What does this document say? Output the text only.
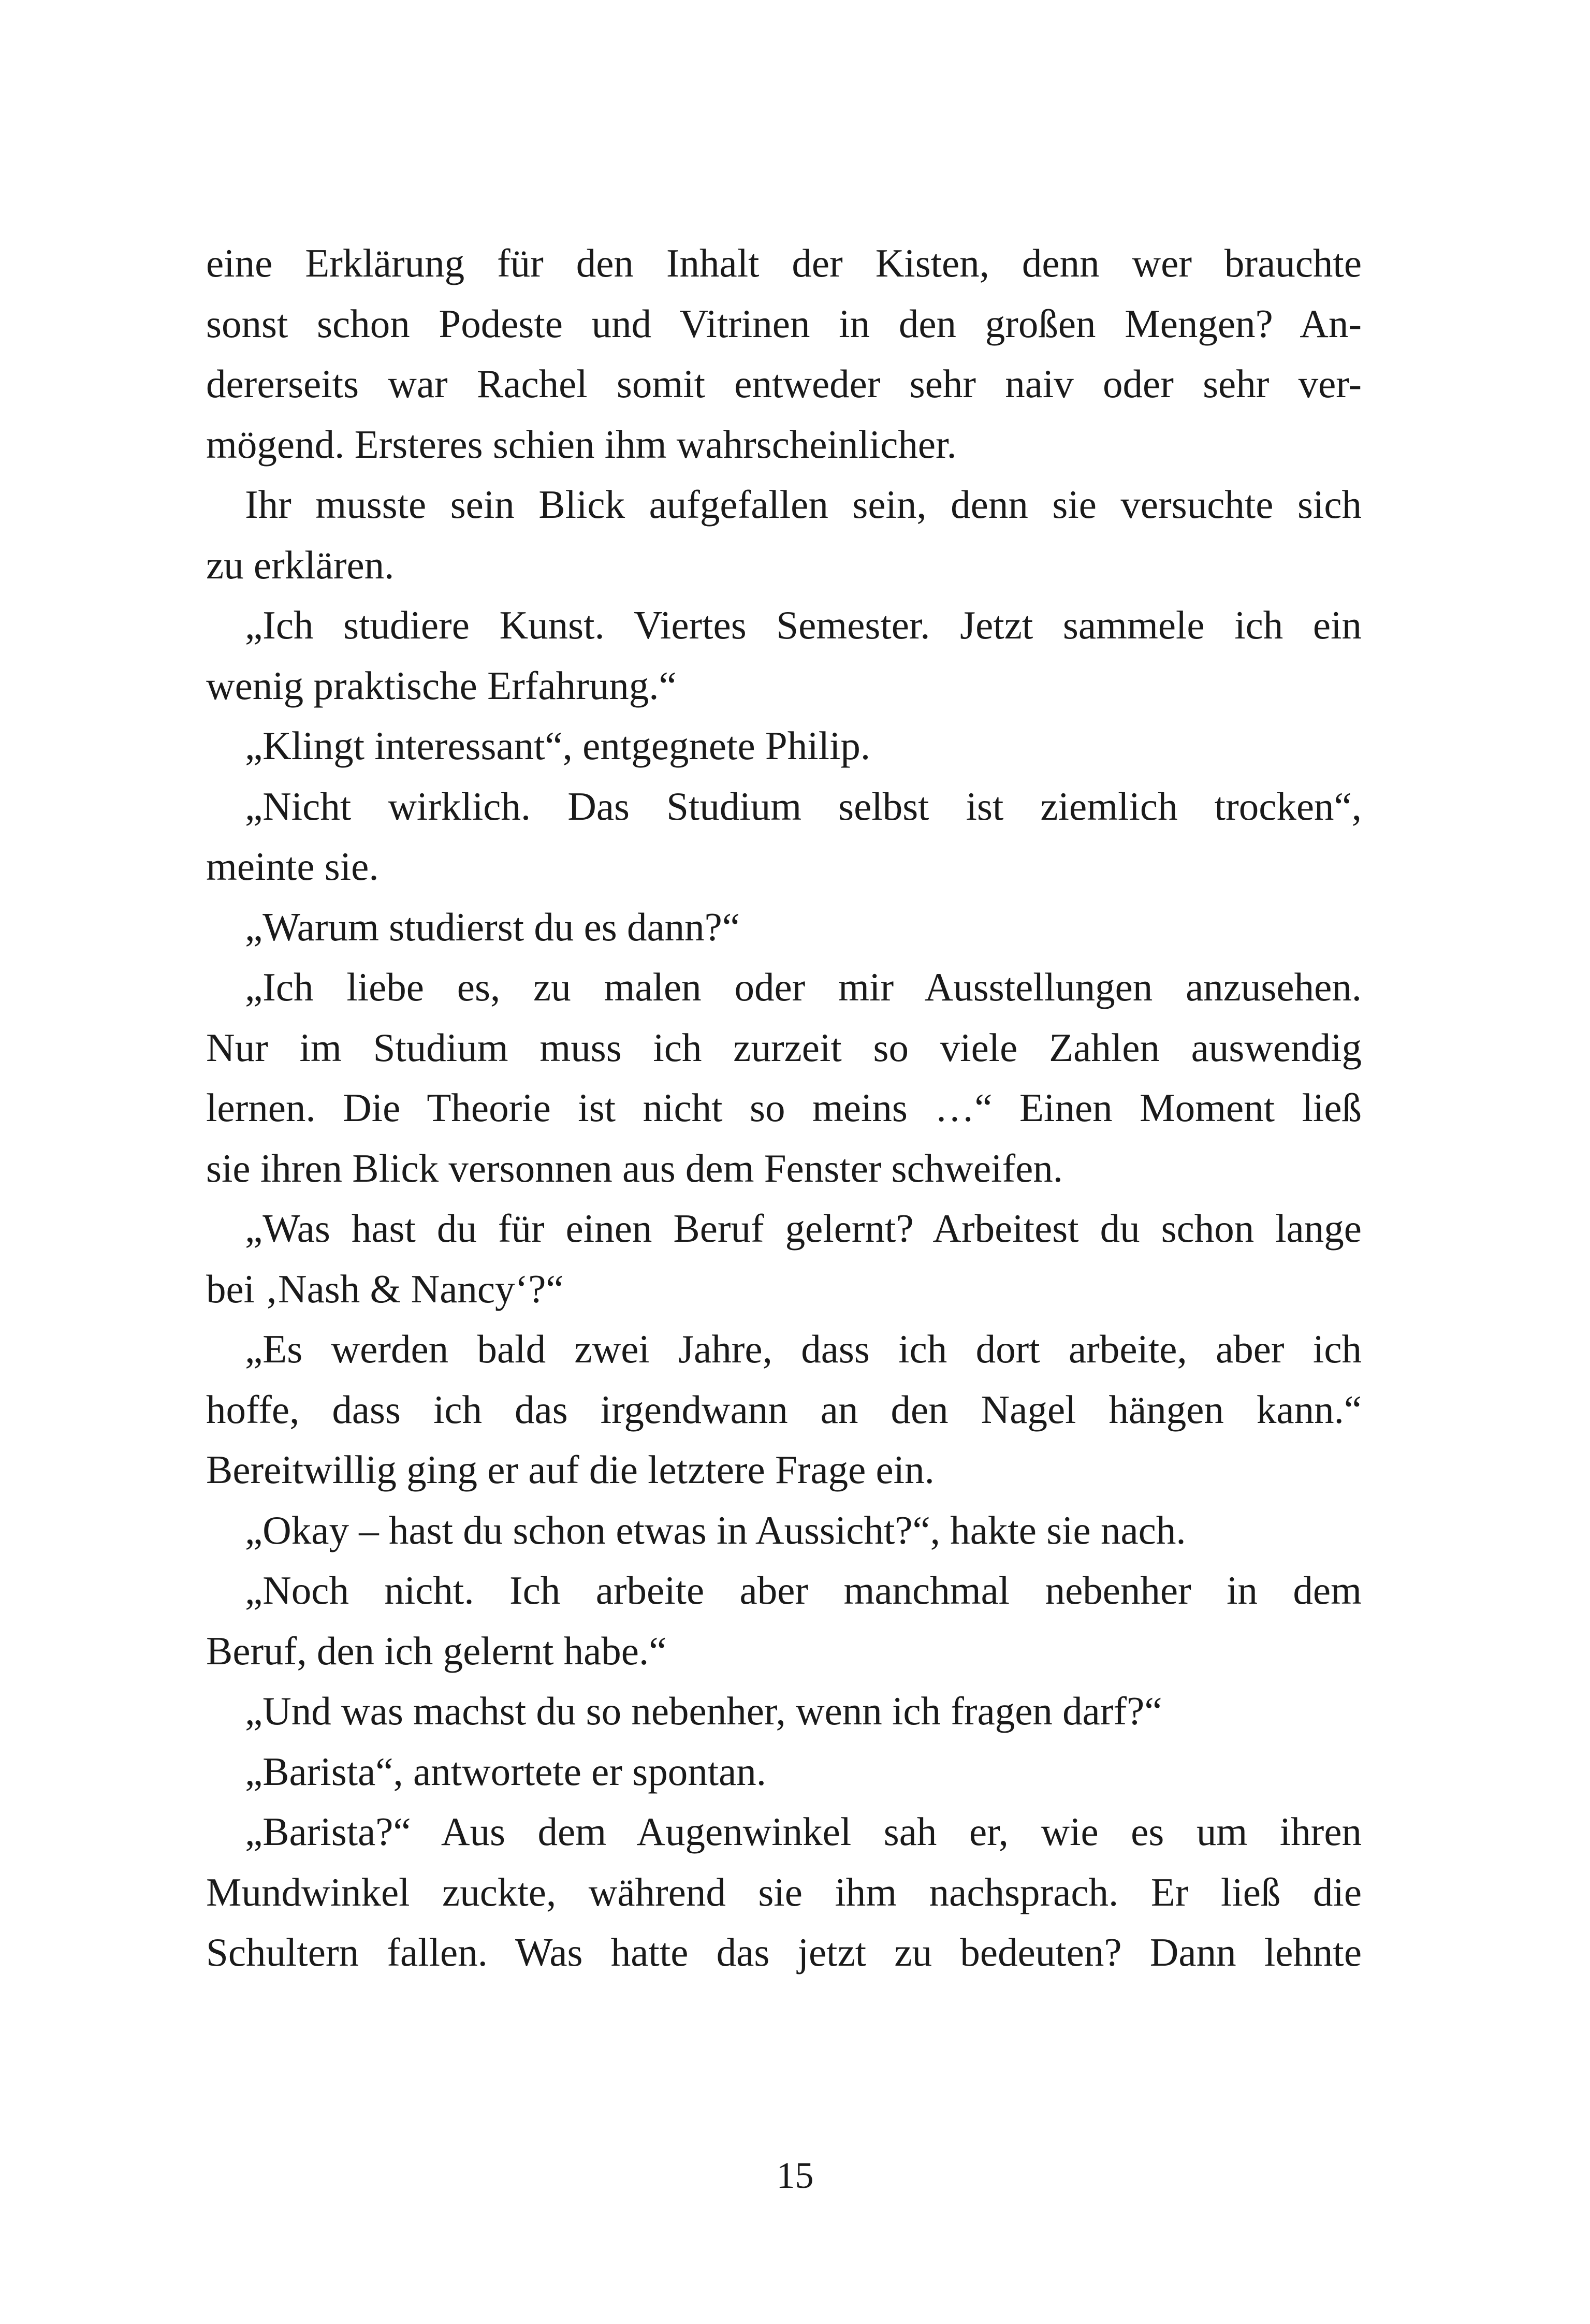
eine Erklärung für den Inhalt der Kisten, denn wer brauchte
sonst schon Podeste und Vitrinen in den großen Mengen? An-
dererseits war Rachel somit entweder sehr naiv oder sehr ver-
mögend. Ersteres schien ihm wahrscheinlicher.
Ihr musste sein Blick aufgefallen sein, denn sie versuchte sich
zu erklären.
„Ich studiere Kunst. Viertes Semester. Jetzt sammele ich ein
wenig praktische Erfahrung.“
„Klingt interessant“, entgegnete Philip.
„Nicht wirklich. Das Studium selbst ist ziemlich trocken“,
meinte sie.
„Warum studierst du es dann?“
„Ich liebe es, zu malen oder mir Ausstellungen anzusehen.
Nur im Studium muss ich zurzeit so viele Zahlen auswendig
lernen. Die Theorie ist nicht so meins …“ Einen Moment ließ
sie ihren Blick versonnen aus dem Fenster schweifen.
„Was hast du für einen Beruf gelernt? Arbeitest du schon lange
bei ‚Nash & Nancy‘?“
„Es werden bald zwei Jahre, dass ich dort arbeite, aber ich
hoffe, dass ich das irgendwann an den Nagel hängen kann.“
Bereitwillig ging er auf die letztere Frage ein.
„Okay – hast du schon etwas in Aussicht?“, hakte sie nach.
„Noch nicht. Ich arbeite aber manchmal nebenher in dem
Beruf, den ich gelernt habe.“
„Und was machst du so nebenher, wenn ich fragen darf?“
„Barista“, antwortete er spontan.
„Barista?“ Aus dem Augenwinkel sah er, wie es um ihren
Mundwinkel zuckte, während sie ihm nachsprach. Er ließ die
Schultern fallen. Was hatte das jetzt zu bedeuten? Dann lehnte
15
